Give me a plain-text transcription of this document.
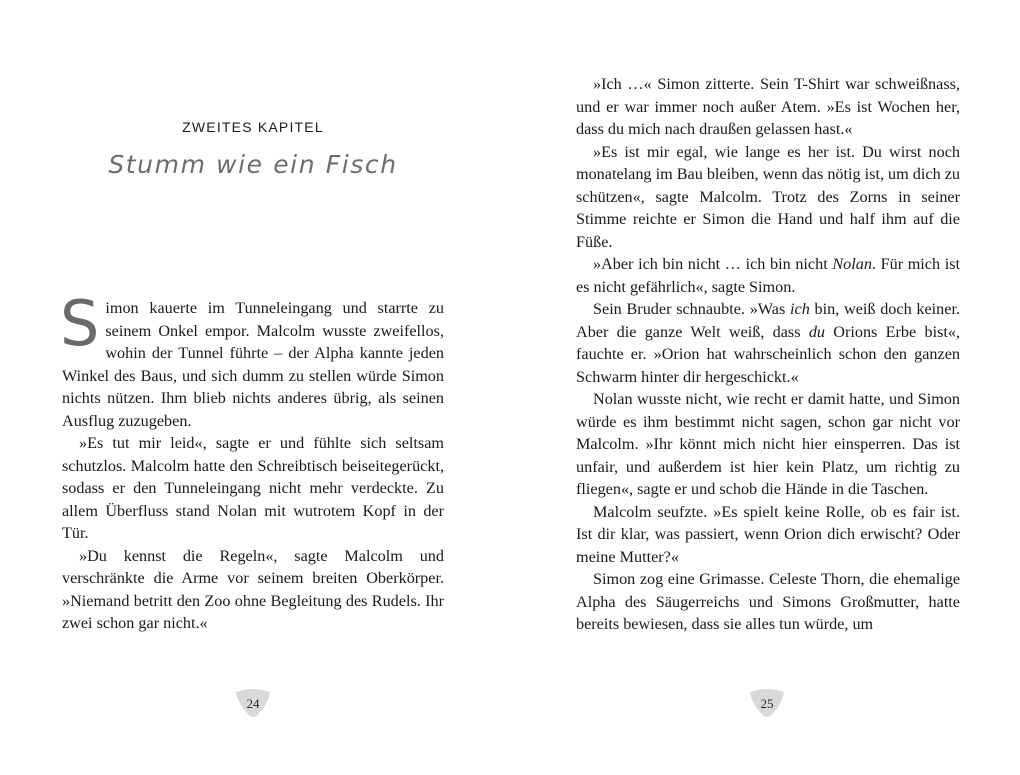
ZWEITES KAPITEL
Stumm wie ein Fisch

Simon kauerte im Tunneleingang und starrte zu seinem Onkel empor. Malcolm wusste zweifellos, wohin der Tunnel führte – der Alpha kannte jeden Winkel des Baus, und sich dumm zu stellen würde Simon nichts nützen. Ihm blieb nichts anderes übrig, als seinen Ausflug zuzugeben.

»Es tut mir leid«, sagte er und fühlte sich seltsam schutzlos. Malcolm hatte den Schreibtisch beiseitegerückt, sodass er den Tunneleingang nicht mehr verdeckte. Zu allem Überfluss stand Nolan mit wutrotem Kopf in der Tür.

»Du kennst die Regeln«, sagte Malcolm und verschränkte die Arme vor seinem breiten Oberkörper. »Niemand betritt den Zoo ohne Begleitung des Rudels. Ihr zwei schon gar nicht.«

24

»Ich …« Simon zitterte. Sein T-Shirt war schweißnass, und er war immer noch außer Atem. »Es ist Wochen her, dass du mich nach draußen gelassen hast.«

»Es ist mir egal, wie lange es her ist. Du wirst noch monatelang im Bau bleiben, wenn das nötig ist, um dich zu schützen«, sagte Malcolm. Trotz des Zorns in seiner Stimme reichte er Simon die Hand und half ihm auf die Füße.

»Aber ich bin nicht … ich bin nicht Nolan. Für mich ist es nicht gefährlich«, sagte Simon.

Sein Bruder schnaubte. »Was ich bin, weiß doch keiner. Aber die ganze Welt weiß, dass du Orions Erbe bist«, fauchte er. »Orion hat wahrscheinlich schon den ganzen Schwarm hinter dir hergeschickt.«

Nolan wusste nicht, wie recht er damit hatte, und Simon würde es ihm bestimmt nicht sagen, schon gar nicht vor Malcolm. »Ihr könnt mich nicht hier einsperren. Das ist unfair, und außerdem ist hier kein Platz, um richtig zu fliegen«, sagte er und schob die Hände in die Taschen.

Malcolm seufzte. »Es spielt keine Rolle, ob es fair ist. Ist dir klar, was passiert, wenn Orion dich erwischt? Oder meine Mutter?«

Simon zog eine Grimasse. Celeste Thorn, die ehemalige Alpha des Säugerreichs und Simons Großmutter, hatte bereits bewiesen, dass sie alles tun würde, um

25
